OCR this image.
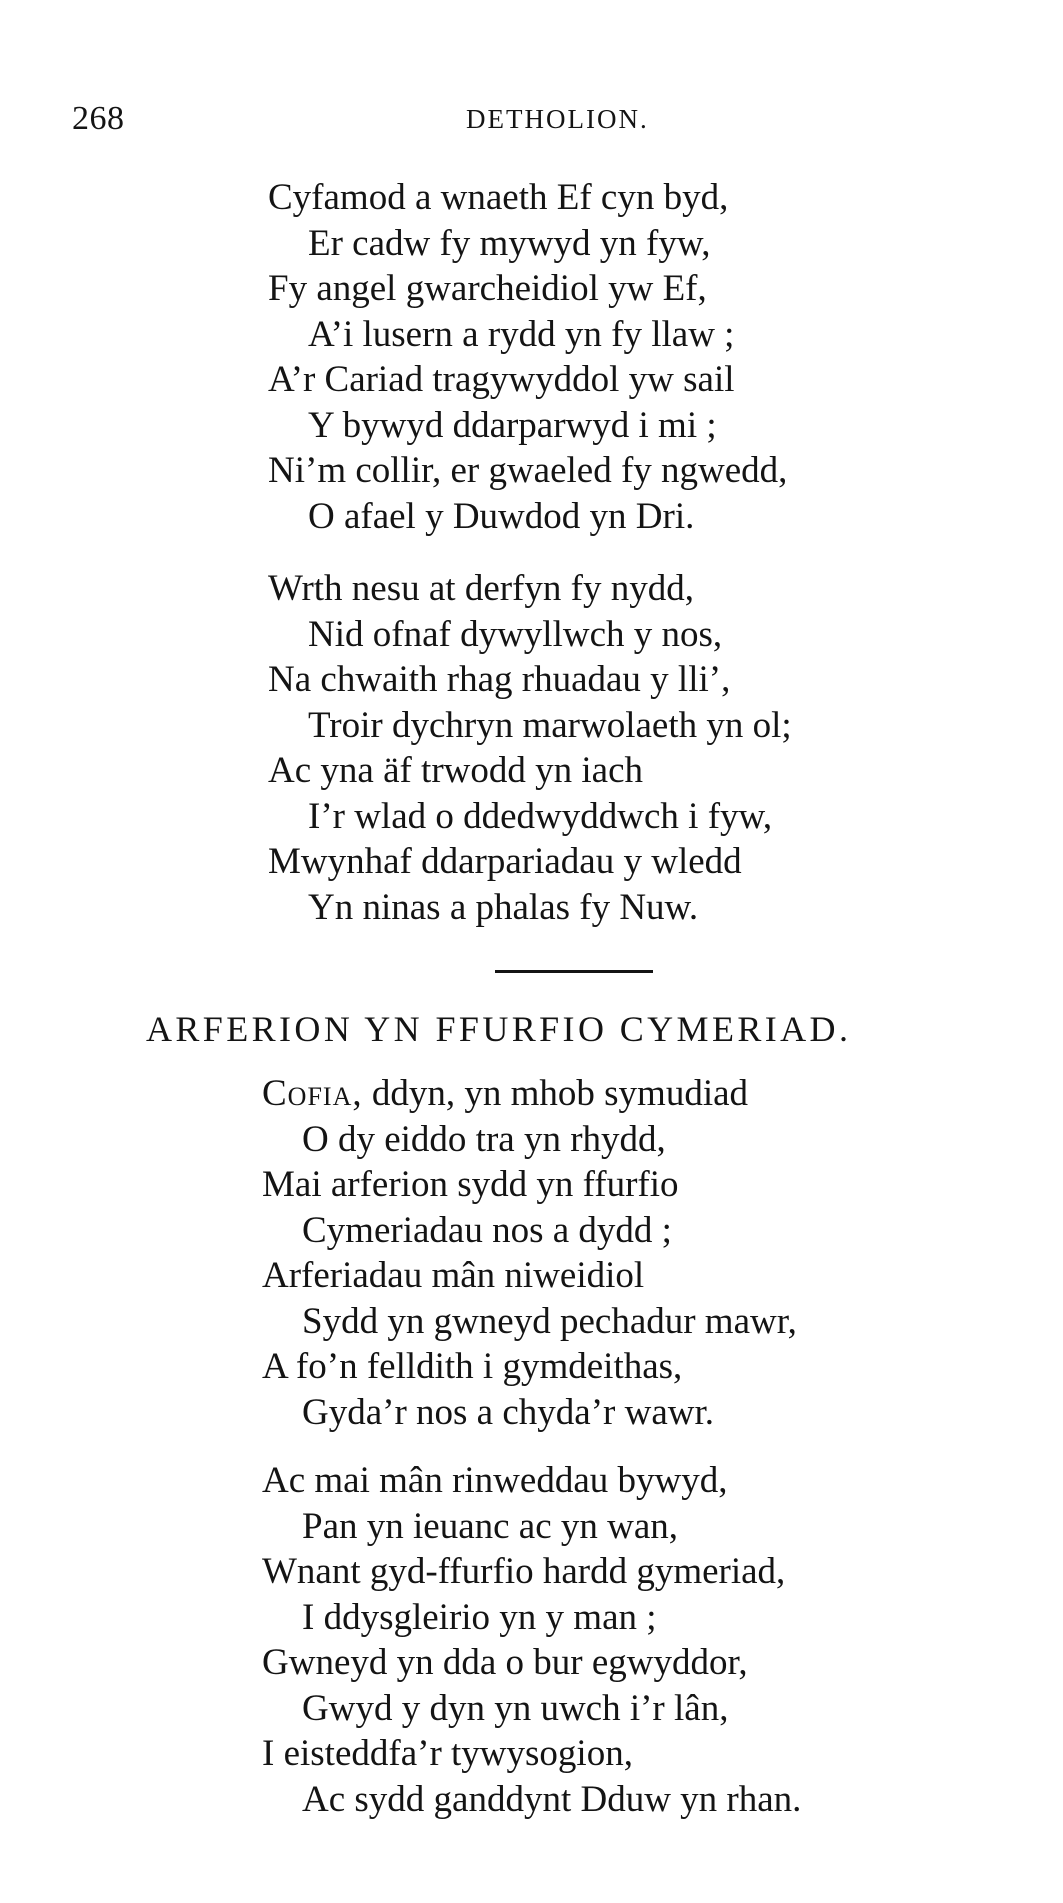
268	DETHOLION.
Cyfamod a wnaeth Ef cyn byd,
Er cadw fy mywyd yn fyw,
Fy angel gwarcheidiol yw Ef,
A’i lusern a rydd yn fy llaw ;
A’r Cariad tragywyddol yw sail
Y bywyd ddarparwyd i mi ;
Ni’m collir, er gwaeled fy ngwedd,
O afael y Duwdod yn Dri.
Wrth nesu at derfyn fy nydd,
Nid ofnaf dywyllwch y nos,
Na chwaith rhag rhuadau y lli’,
Troir dychryn marwolaeth yn ol;
Ac yna äf trwodd yn iach
I’r wlad o ddedwyddwch i fyw,
Mwynhaf ddarpariadau y wledd
Yn ninas a phalas fy Nuw.
ARFERION YN FFURFIO CYMERIAD.
Cofia, ddyn, yn mhob symudiad
O dy eiddo tra yn rhydd,
Mai arferion sydd yn ffurfio
Cymeriadau nos a dydd ;
Arferiadau mân niweidiol
Sydd yn gwneyd pechadur mawr,
A fo’n felldith i gymdeithas,
Gyda’r nos a chyda’r wawr.
Ac mai mân rinweddau bywyd,
Pan yn ieuanc ac yn wan,
Wnant gyd-ffurfio hardd gymeriad,
I ddysgleirio yn y man ;
Gwneyd yn dda o bur egwyddor,
Gwyd y dyn yn uwch i’r lân,
I eisteddfa’r tywysogion,
Ac sydd ganddynt Dduw yn rhan.
